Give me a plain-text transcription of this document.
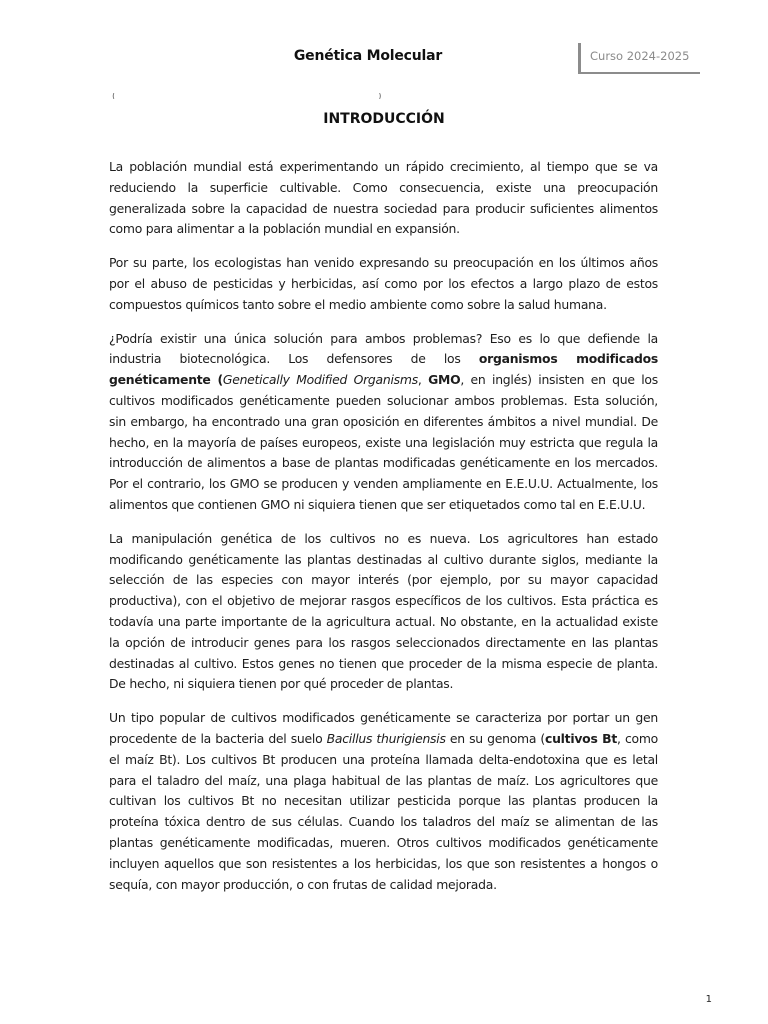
Genética Molecular	Curso 2024-2025
(	)
INTRODUCCIÓN

La población mundial está experimentando un rápido crecimiento, al tiempo que se va reduciendo la superficie cultivable. Como consecuencia, existe una preocupación generalizada sobre la capacidad de nuestra sociedad para producir suficientes alimentos como para alimentar a la población mundial en expansión.

Por su parte, los ecologistas han venido expresando su preocupación en los últimos años por el abuso de pesticidas y herbicidas, así como por los efectos a largo plazo de estos compuestos químicos tanto sobre el medio ambiente como sobre la salud humana.

¿Podría existir una única solución para ambos problemas? Eso es lo que defiende la industria biotecnológica. Los defensores de los organismos modificados genéticamente (Genetically Modified Organisms, GMO, en inglés) insisten en que los cultivos modificados genéticamente pueden solucionar ambos problemas. Esta solución, sin embargo, ha encontrado una gran oposición en diferentes ámbitos a nivel mundial. De hecho, en la mayoría de países europeos, existe una legislación muy estricta que regula la introducción de alimentos a base de plantas modificadas genéticamente en los mercados. Por el contrario, los GMO se producen y venden ampliamente en E.E.U.U. Actualmente, los alimentos que contienen GMO ni siquiera tienen que ser etiquetados como tal en E.E.U.U.

La manipulación genética de los cultivos no es nueva. Los agricultores han estado modificando genéticamente las plantas destinadas al cultivo durante siglos, mediante la selección de las especies con mayor interés (por ejemplo, por su mayor capacidad productiva), con el objetivo de mejorar rasgos específicos de los cultivos. Esta práctica es todavía una parte importante de la agricultura actual. No obstante, en la actualidad existe la opción de introducir genes para los rasgos seleccionados directamente en las plantas destinadas al cultivo. Estos genes no tienen que proceder de la misma especie de planta. De hecho, ni siquiera tienen por qué proceder de plantas.

Un tipo popular de cultivos modificados genéticamente se caracteriza por portar un gen procedente de la bacteria del suelo Bacillus thurigiensis en su genoma (cultivos Bt, como el maíz Bt). Los cultivos Bt producen una proteína llamada delta-endotoxina que es letal para el taladro del maíz, una plaga habitual de las plantas de maíz. Los agricultores que cultivan los cultivos Bt no necesitan utilizar pesticida porque las plantas producen la proteína tóxica dentro de sus células. Cuando los taladros del maíz se alimentan de las plantas genéticamente modificadas, mueren. Otros cultivos modificados genéticamente incluyen aquellos que son resistentes a los herbicidas, los que son resistentes a hongos o sequía, con mayor producción, o con frutas de calidad mejorada.

1
